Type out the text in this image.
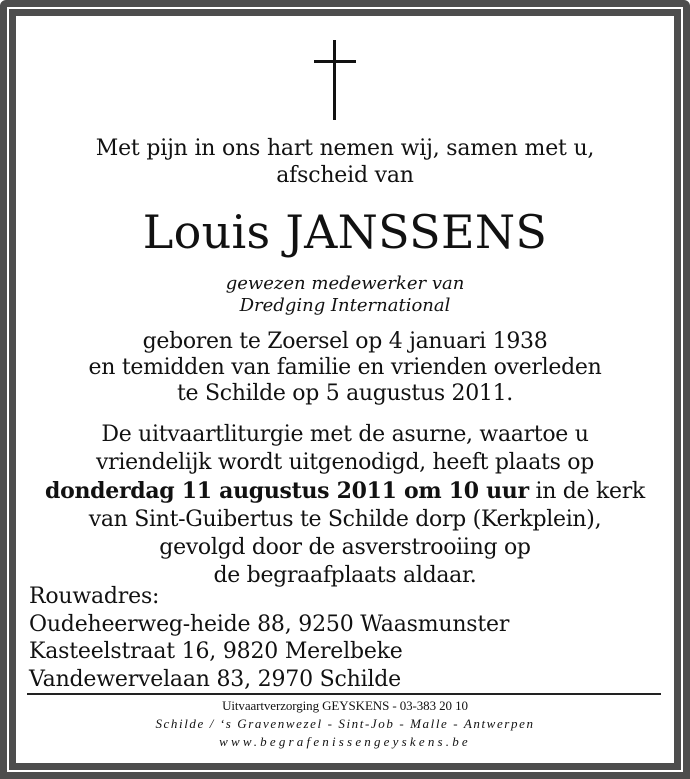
Met pijn in ons hart nemen wij, samen met u,
afscheid van
Louis JANSSENS
gewezen medewerker van
Dredging International
geboren te Zoersel op 4 januari 1938
en temidden van familie en vrienden overleden
te Schilde op 5 augustus 2011.
De uitvaartliturgie met de asurne, waartoe u
vriendelijk wordt uitgenodigd, heeft plaats op
donderdag 11 augustus 2011 om 10 uur in de kerk
van Sint-Guibertus te Schilde dorp (Kerkplein),
gevolgd door de asverstrooiing op
de begraafplaats aldaar.
Rouwadres:
Oudeheerweg-heide 88, 9250 Waasmunster
Kasteelstraat 16, 9820 Merelbeke
Vandewervelaan 83, 2970 Schilde
Uitvaartverzorging GEYSKENS - 03-383 20 10
Schilde / ‘s Gravenwezel - Sint-Job - Malle - Antwerpen
www.begrafenissengeyskens.be
